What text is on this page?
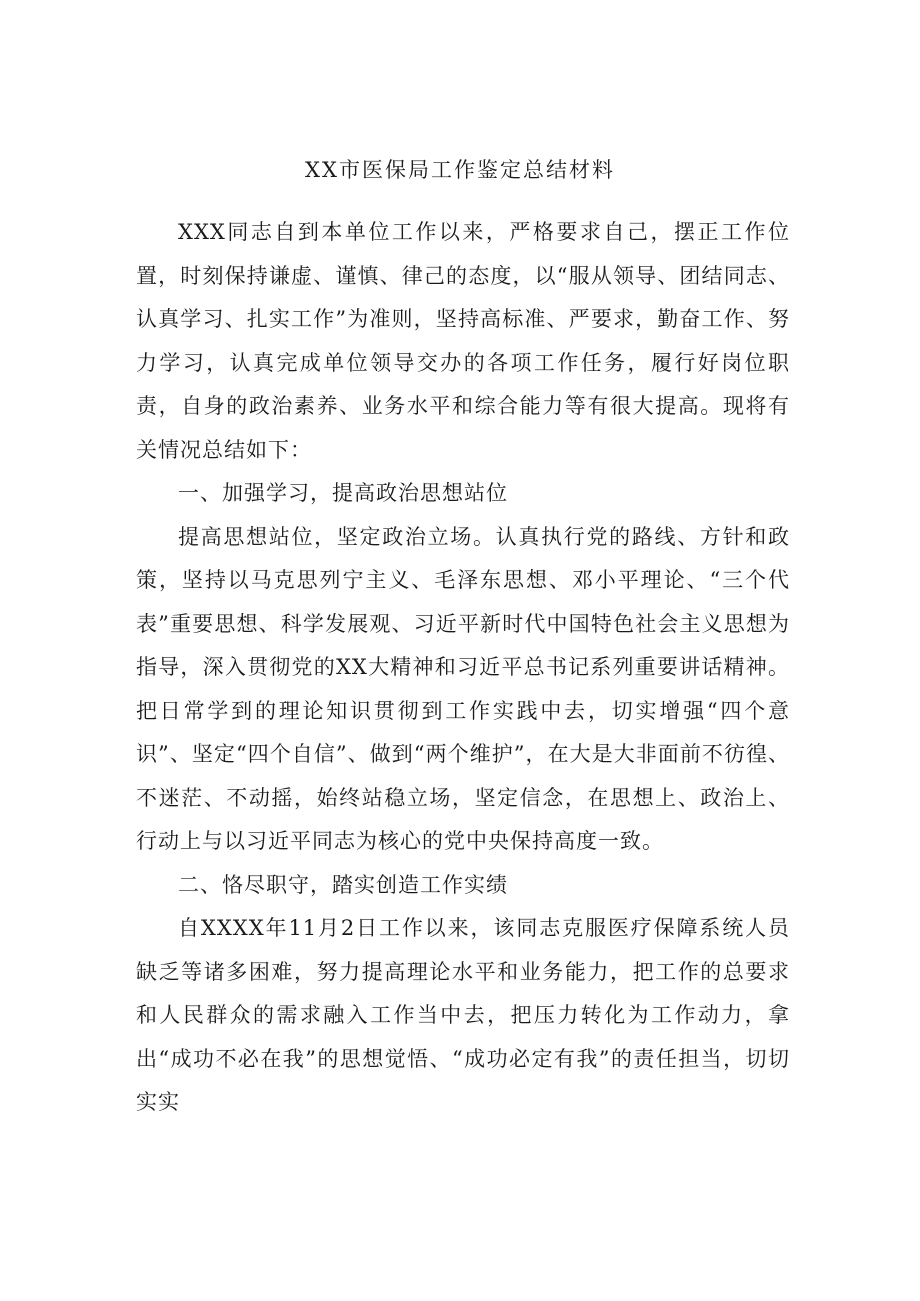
XX市医保局工作鉴定总结材料

XXX同志自到本单位工作以来，严格要求自己，摆正工作位置，时刻保持谦虚、谨慎、律己的态度，以“服从领导、团结同志、认真学习、扎实工作”为准则，坚持高标准、严要求，勤奋工作、努力学习，认真完成单位领导交办的各项工作任务，履行好岗位职责，自身的政治素养、业务水平和综合能力等有很大提高。现将有关情况总结如下：

一、加强学习，提高政治思想站位

提高思想站位，坚定政治立场。认真执行党的路线、方针和政策，坚持以马克思列宁主义、毛泽东思想、邓小平理论、“三个代表”重要思想、科学发展观、习近平新时代中国特色社会主义思想为指导，深入贯彻党的XX大精神和习近平总书记系列重要讲话精神。把日常学到的理论知识贯彻到工作实践中去，切实增强“四个意识”、坚定“四个自信”、做到“两个维护”，在大是大非面前不彷徨、不迷茫、不动摇，始终站稳立场，坚定信念，在思想上、政治上、行动上与以习近平同志为核心的党中央保持高度一致。

二、恪尽职守，踏实创造工作实绩

自XXXX年11月2日工作以来，该同志克服医疗保障系统人员缺乏等诸多困难，努力提高理论水平和业务能力，把工作的总要求和人民群众的需求融入工作当中去，把压力转化为工作动力，拿出“成功不必在我”的思想觉悟、“成功必定有我”的责任担当，切切实实
